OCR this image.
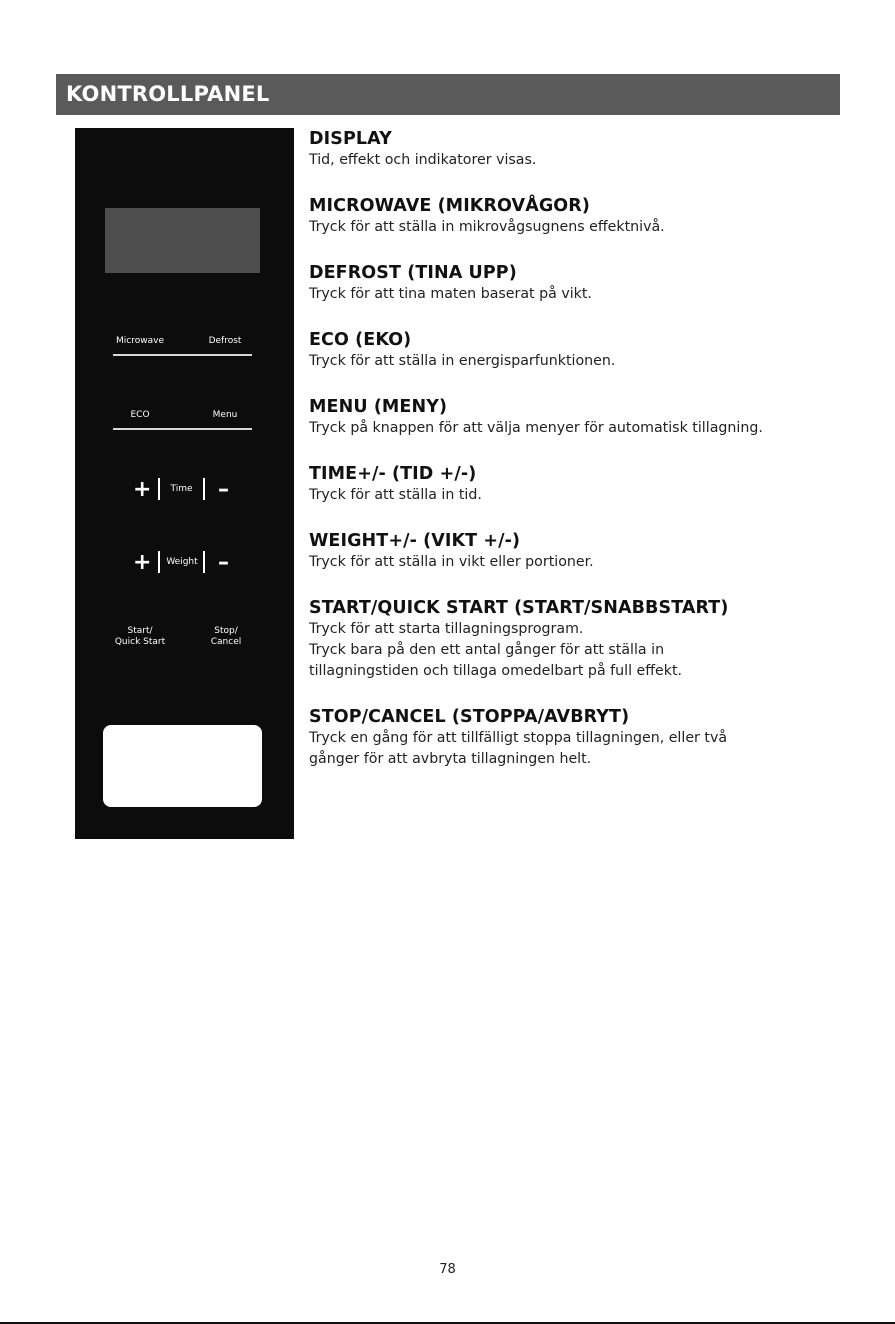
KONTROLLPANEL
Microwave	Defrost
ECO	Menu
+	Time –
+	Weight –
Start/
Quick Start
Stop/
Cancel
DISPLAY

Tid, effekt och indikatorer visas.

MICROWAVE (MIKROVÅGOR)

Tryck för att ställa in mikrovågsugnens effektnivå.

DEFROST (TINA UPP)

Tryck för att tina maten baserat på vikt.

ECO (EKO)

Tryck för att ställa in energisparfunktionen.

MENU (MENY)

Tryck på knappen för att välja menyer för automatisk tillagning.

TIME+/- (TID +/-)

Tryck för att ställa in tid.

WEIGHT+/- (VIKT +/-)

Tryck för att ställa in vikt eller portioner.

START/QUICK START (START/SNABBSTART)

Tryck för att starta tillagningsprogram.

Tryck bara på den ett antal gånger för att ställa in

tillagningstiden och tillaga omedelbart på full effekt.

STOP/CANCEL (STOPPA/AVBRYT)

Tryck en gång för att tillfälligt stoppa tillagningen, eller två

gånger för att avbryta tillagningen helt.

78
